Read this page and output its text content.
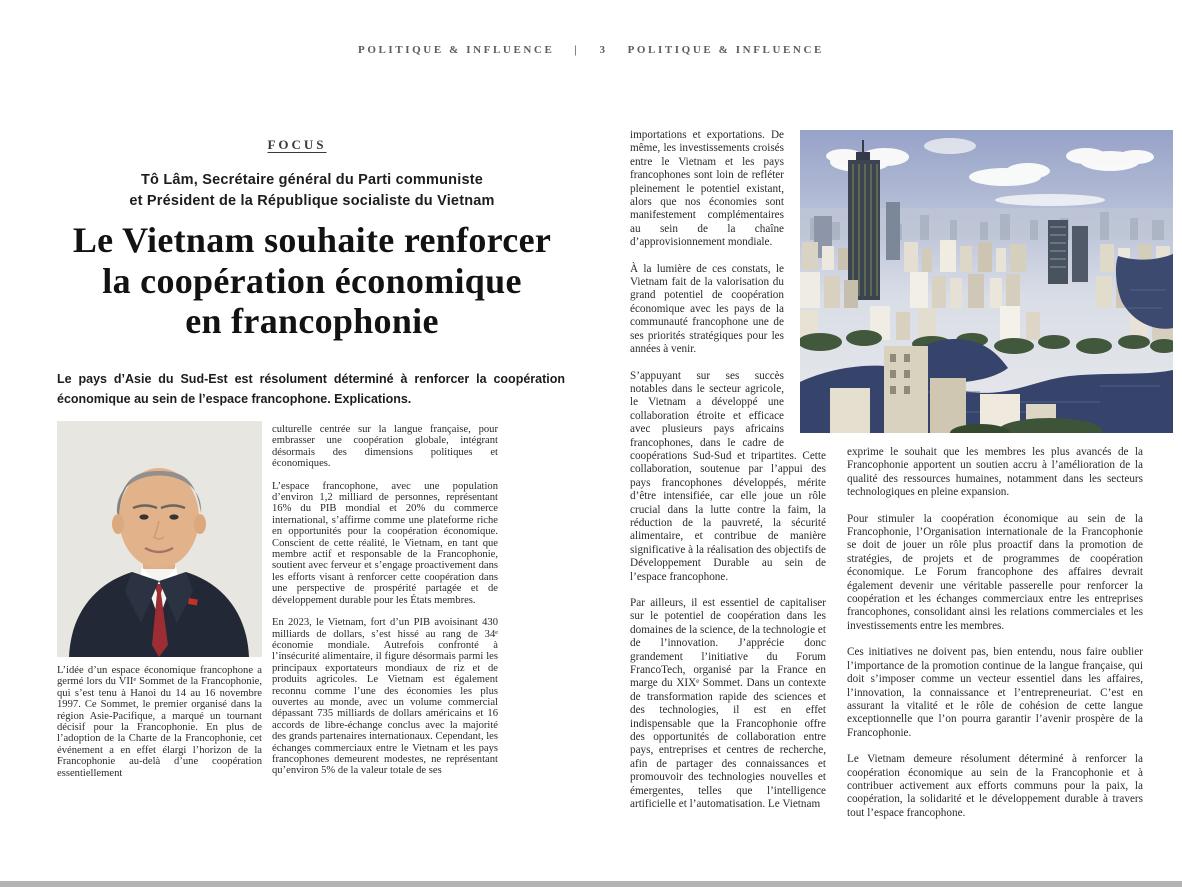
POLITIQUE & INFLUENCE | 3 POLITIQUE & INFLUENCE
FOCUS
Tô Lâm, Secrétaire général du Parti communiste
et Président de la République socialiste du Vietnam
Le Vietnam souhaite renforcer
la coopération économique
en francophonie
Le pays d’Asie du Sud-Est est résolument déterminé à renforcer la coopération économique au sein de l’espace francophone. Explications.

L’idée d’un espace économique francophone a germé lors du VIIᵉ Sommet de la Francophonie, qui s’est tenu à Hanoi du 14 au 16 novembre 1997. Ce Sommet, le premier organisé dans la région Asie-Pacifique, a marqué un tournant décisif pour la Francophonie. En plus de l’adoption de la Charte de la Francophonie, cet événement a en effet élargi l’horizon de la Francophonie au-delà d’une coopération essentiellement

culturelle centrée sur la langue française, pour embrasser une coopération globale, intégrant désormais des dimensions politiques et économiques.

L’espace francophone, avec une population d’environ 1,2 milliard de personnes, représentant 16% du PIB mondial et 20% du commerce international, s’affirme comme une plateforme riche en opportunités pour la coopération économique. Conscient de cette réalité, le Vietnam, en tant que membre actif et responsable de la Francophonie, soutient avec ferveur et s’engage proactivement dans les efforts visant à renforcer cette coopération dans une perspective de prospérité partagée et de développement durable pour les États membres.

En 2023, le Vietnam, fort d’un PIB avoisinant 430 milliards de dollars, s’est hissé au rang de 34ᵉ économie mondiale. Autrefois confronté à l’insécurité alimentaire, il figure désormais parmi les principaux exportateurs mondiaux de riz et de produits agricoles. Le Vietnam est également reconnu comme l’une des économies les plus ouvertes au monde, avec un volume commercial dépassant 735 milliards de dollars américains et 16 accords de libre-échange conclus avec la majorité des grands partenaires internationaux. Cependant, les échanges commerciaux entre le Vietnam et les pays francophones demeurent modestes, ne représentant qu’environ 5% de la valeur totale de ses

importations et exportations. De même, les investissements croisés entre le Vietnam et les pays francophones sont loin de refléter pleinement le potentiel existant, alors que nos économies sont manifestement complémentaires au sein de la chaîne d’approvisionnement mondiale.

À la lumière de ces constats, le Vietnam fait de la valorisation du grand potentiel de coopération économique avec les pays de la communauté francophone une de ses priorités stratégiques pour les années à venir.

S’appuyant sur ses succès notables dans le secteur agricole, le Vietnam a développé une collaboration étroite et efficace avec plusieurs pays africains francophones, dans le cadre de coopérations Sud-Sud et tripartites. Cette collaboration, soutenue par l’appui des pays francophones développés, mérite d’être intensifiée, car elle joue un rôle crucial dans la lutte contre la faim, la réduction de la pauvreté, la sécurité alimentaire, et contribue de manière significative à la réalisation des objectifs de Développement Durable au sein de l’espace francophone.

Par ailleurs, il est essentiel de capitaliser sur le potentiel de coopération dans les domaines de la science, de la technologie et de l’innovation. J’apprécie donc grandement l’initiative du Forum FrancoTech, organisé par la France en marge du XIXᵉ Sommet. Dans un contexte de transformation rapide des sciences et des technologies, il est en effet indispensable que la Francophonie offre des opportunités de collaboration entre pays, entreprises et centres de recherche, afin de partager des connaissances et promouvoir des technologies nouvelles et émergentes, telles que l’intelligence artificielle et l’automatisation. Le Vietnam

exprime le souhait que les membres les plus avancés de la Francophonie apportent un soutien accru à l’amélioration de la qualité des ressources humaines, notamment dans les secteurs technologiques en pleine expansion.

Pour stimuler la coopération économique au sein de la Francophonie, l’Organisation internationale de la Francophonie se doit de jouer un rôle plus proactif dans la promotion de stratégies, de projets et de programmes de coopération économique. Le Forum francophone des affaires devrait également devenir une véritable passerelle pour renforcer la coopération et les échanges commerciaux entre les entreprises francophones, consolidant ainsi les relations commerciales et les investissements entre les membres.

Ces initiatives ne doivent pas, bien entendu, nous faire oublier l’importance de la promotion continue de la langue française, qui doit s’imposer comme un vecteur essentiel dans les affaires, l’innovation, la connaissance et l’entrepreneuriat. C’est en assurant la vitalité et le rôle de cohésion de cette langue exceptionnelle que l’on pourra garantir l’avenir prospère de la Francophonie.

Le Vietnam demeure résolument déterminé à renforcer la coopération économique au sein de la Francophonie et à contribuer activement aux efforts communs pour la paix, la coopération, la solidarité et le développement durable à travers tout l’espace francophone.
